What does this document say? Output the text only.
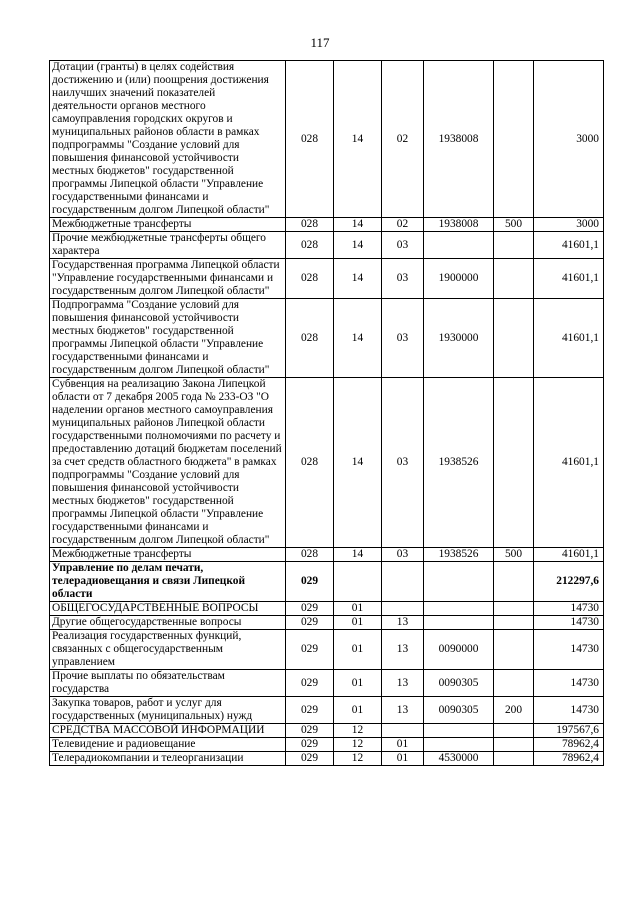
117
Дотации (гранты) в целях содействия достижению и (или) поощрения достижения наилучших значений показателей деятельности органов местного самоуправления городских округов и муниципальных районов области в рамках подпрограммы "Создание условий для повышения финансовой устойчивости местных бюджетов" государственной программы Липецкой области "Управление государственными финансами и государственным долгом Липецкой области"	028	14	02	1938008		3000
Межбюджетные трансферты	028	14	02	1938008	500	3000
Прочие межбюджетные трансферты общего характера	028	14	03			41601,1
Государственная программа Липецкой области "Управление государственными финансами и государственным долгом Липецкой области"	028	14	03	1900000		41601,1
Подпрограмма "Создание условий для повышения финансовой устойчивости местных бюджетов" государственной программы Липецкой области "Управление государственными финансами и государственным долгом Липецкой области"	028	14	03	1930000		41601,1
Субвенция на реализацию Закона Липецкой области от 7 декабря 2005 года № 233-ОЗ "О наделении органов местного самоуправления муниципальных районов Липецкой области государственными полномочиями по расчету и предоставлению дотаций бюджетам поселений за счет средств областного бюджета" в рамках подпрограммы "Создание условий для повышения финансовой устойчивости местных бюджетов" государственной программы Липецкой области "Управление государственными финансами и государственным долгом Липецкой области"	028	14	03	1938526		41601,1
Межбюджетные трансферты	028	14	03	1938526	500	41601,1
Управление по делам печати, телерадиовещания и связи Липецкой области	029					212297,6
ОБЩЕГОСУДАРСТВЕННЫЕ ВОПРОСЫ	029	01				14730
Другие общегосударственные вопросы	029	01	13			14730
Реализация государственных функций, связанных с общегосударственным управлением	029	01	13	0090000		14730
Прочие выплаты по обязательствам государства	029	01	13	0090305		14730
Закупка товаров, работ и услуг для государственных (муниципальных) нужд	029	01	13	0090305	200	14730
СРЕДСТВА МАССОВОЙ ИНФОРМАЦИИ	029	12				197567,6
Телевидение и радиовещание	029	12	01			78962,4
Телерадиокомпании и телеорганизации	029	12	01	4530000		78962,4
